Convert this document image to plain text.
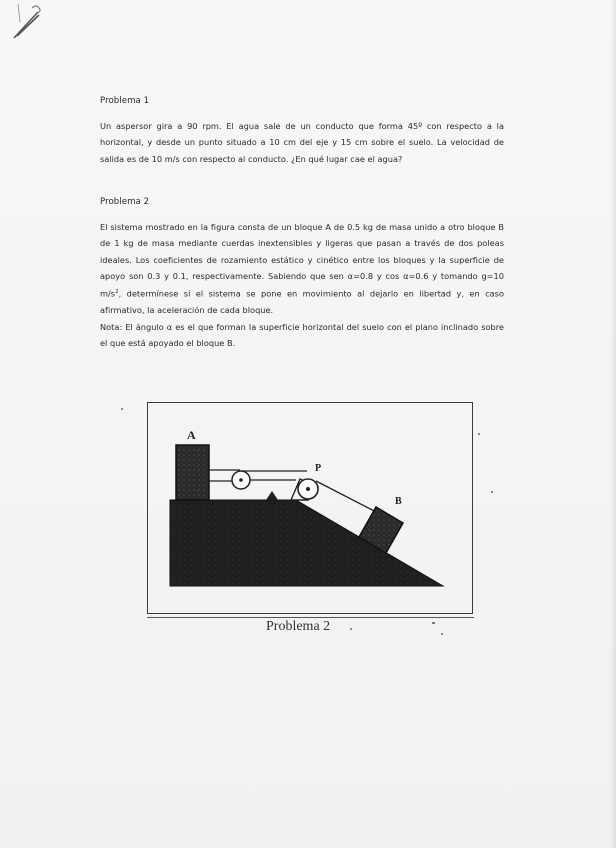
Problema 1
Un aspersor gira a 90 rpm. El agua sale de un conducto que forma 45º con respecto a la horizontal, y desde un punto situado a 10 cm del eje y 15 cm sobre el suelo. La velocidad de salida es de 10 m/s con respecto al conducto. ¿En qué lugar cae el agua?
Problema 2
El sistema mostrado en la figura consta de un bloque A de 0.5 kg de masa unido a otro bloque B de 1 kg de masa mediante cuerdas inextensibles y ligeras que pasan a través de dos poleas ideales. Los coeficientes de rozamiento estático y cinético entre los bloques y la superficie de apoyo son 0.3 y 0.1, respectivamente. Sabiendo que sen α=0.8 y cos α=0.6 y tomando g=10 $m/s^2$, determínese si el sistema se pone en movimiento al dejarlo en libertad y, en caso afirmativo, la aceleración de cada bloque.
Nota: El ángulo α es el que forman la superficie horizontal del suelo con el plano inclinado sobre el que está apoyado el bloque B.
A
P
B
Problema 2
